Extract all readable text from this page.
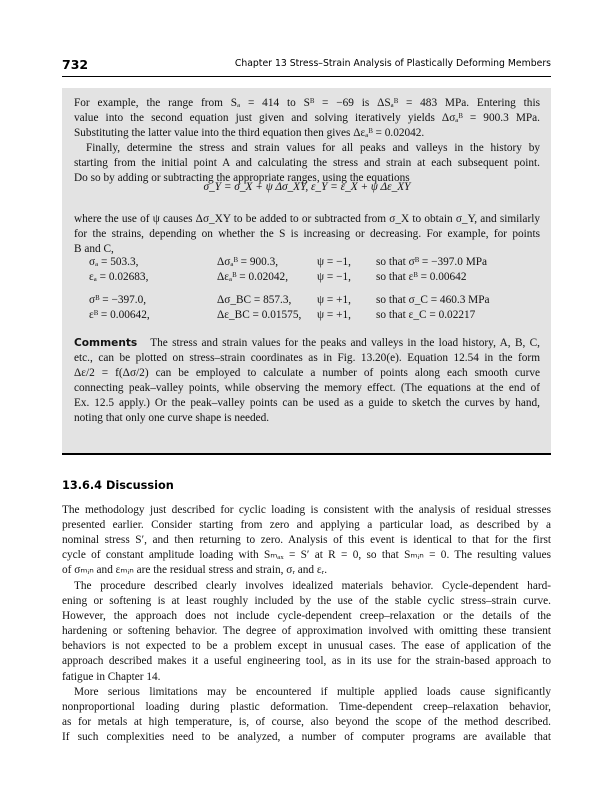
732	Chapter 13 Stress–Strain Analysis of Plastically Deforming Members
For example, the range from Sₐ = 414 to Sᴮ = −69 is ΔSₐᴮ = 483 MPa. Entering this
value into the second equation just given and solving iteratively yields Δσₐᴮ = 900.3 MPa.
Substituting the latter value into the third equation then gives Δεₐᴮ = 0.02042.
Finally, determine the stress and strain values for all peaks and valleys in the history by
starting from the initial point A and calculating the stress and strain at each subsequent point.
Do so by adding or subtracting the appropriate ranges, using the equations
σ_Y = σ_X + ψ Δσ_XY, ε_Y = ε_X + ψ Δε_XY
where the use of ψ causes Δσ_XY to be added to or subtracted from σ_X to obtain σ_Y, and similarly
for the strains, depending on whether the S is increasing or decreasing. For example, for points
B and C,
σₐ = 503.3,	Δσₐᴮ = 900.3,	ψ = −1, so that σᴮ = −397.0 MPa
εₐ = 0.02683,	Δεₐᴮ = 0.02042,	ψ = −1, so that εᴮ = 0.00642
σᴮ = −397.0,	Δσ_BC = 857.3, ψ = +1, so that σ_C = 460.3 MPa
εᴮ = 0.00642,	Δε_BC = 0.01575, ψ = +1, so that ε_C = 0.02217
Comments The stress and strain values for the peaks and valleys in the load history, A, B, C,
etc., can be plotted on stress–strain coordinates as in Fig. 13.20(e). Equation 12.54 in the form
Δε/2 = f(Δσ/2) can be employed to calculate a number of points along each smooth curve
connecting peak–valley points, while observing the memory effect. (The equations at the end of
Ex. 12.5 apply.) Or the peak–valley points can be used as a guide to sketch the curves by hand,
noting that only one curve shape is needed.
13.6.4 Discussion
The methodology just described for cyclic loading is consistent with the analysis of residual stresses
presented earlier. Consider starting from zero and applying a particular load, as described by a
nominal stress S′, and then returning to zero. Analysis of this event is identical to that for the first
cycle of constant amplitude loading with Sₘₐₓ = S′ at R = 0, so that Sₘᵢₙ = 0. The resulting values
of σₘᵢₙ and εₘᵢₙ are the residual stress and strain, σᵣ and εᵣ.
The procedure described clearly involves idealized materials behavior. Cycle-dependent hard-
ening or softening is at least roughly included by the use of the stable cyclic stress–strain curve.
However, the approach does not include cycle-dependent creep–relaxation or the details of the
hardening or softening behavior. The degree of approximation involved with omitting these transient
behaviors is not expected to be a problem except in unusual cases. The ease of application of the
approach described makes it a useful engineering tool, as in its use for the strain-based approach to
fatigue in Chapter 14.
More serious limitations may be encountered if multiple applied loads cause significantly
nonproportional loading during plastic deformation. Time-dependent creep–relaxation behavior,
as for metals at high temperature, is, of course, also beyond the scope of the method described.
If such complexities need to be analyzed, a number of computer programs are available that
